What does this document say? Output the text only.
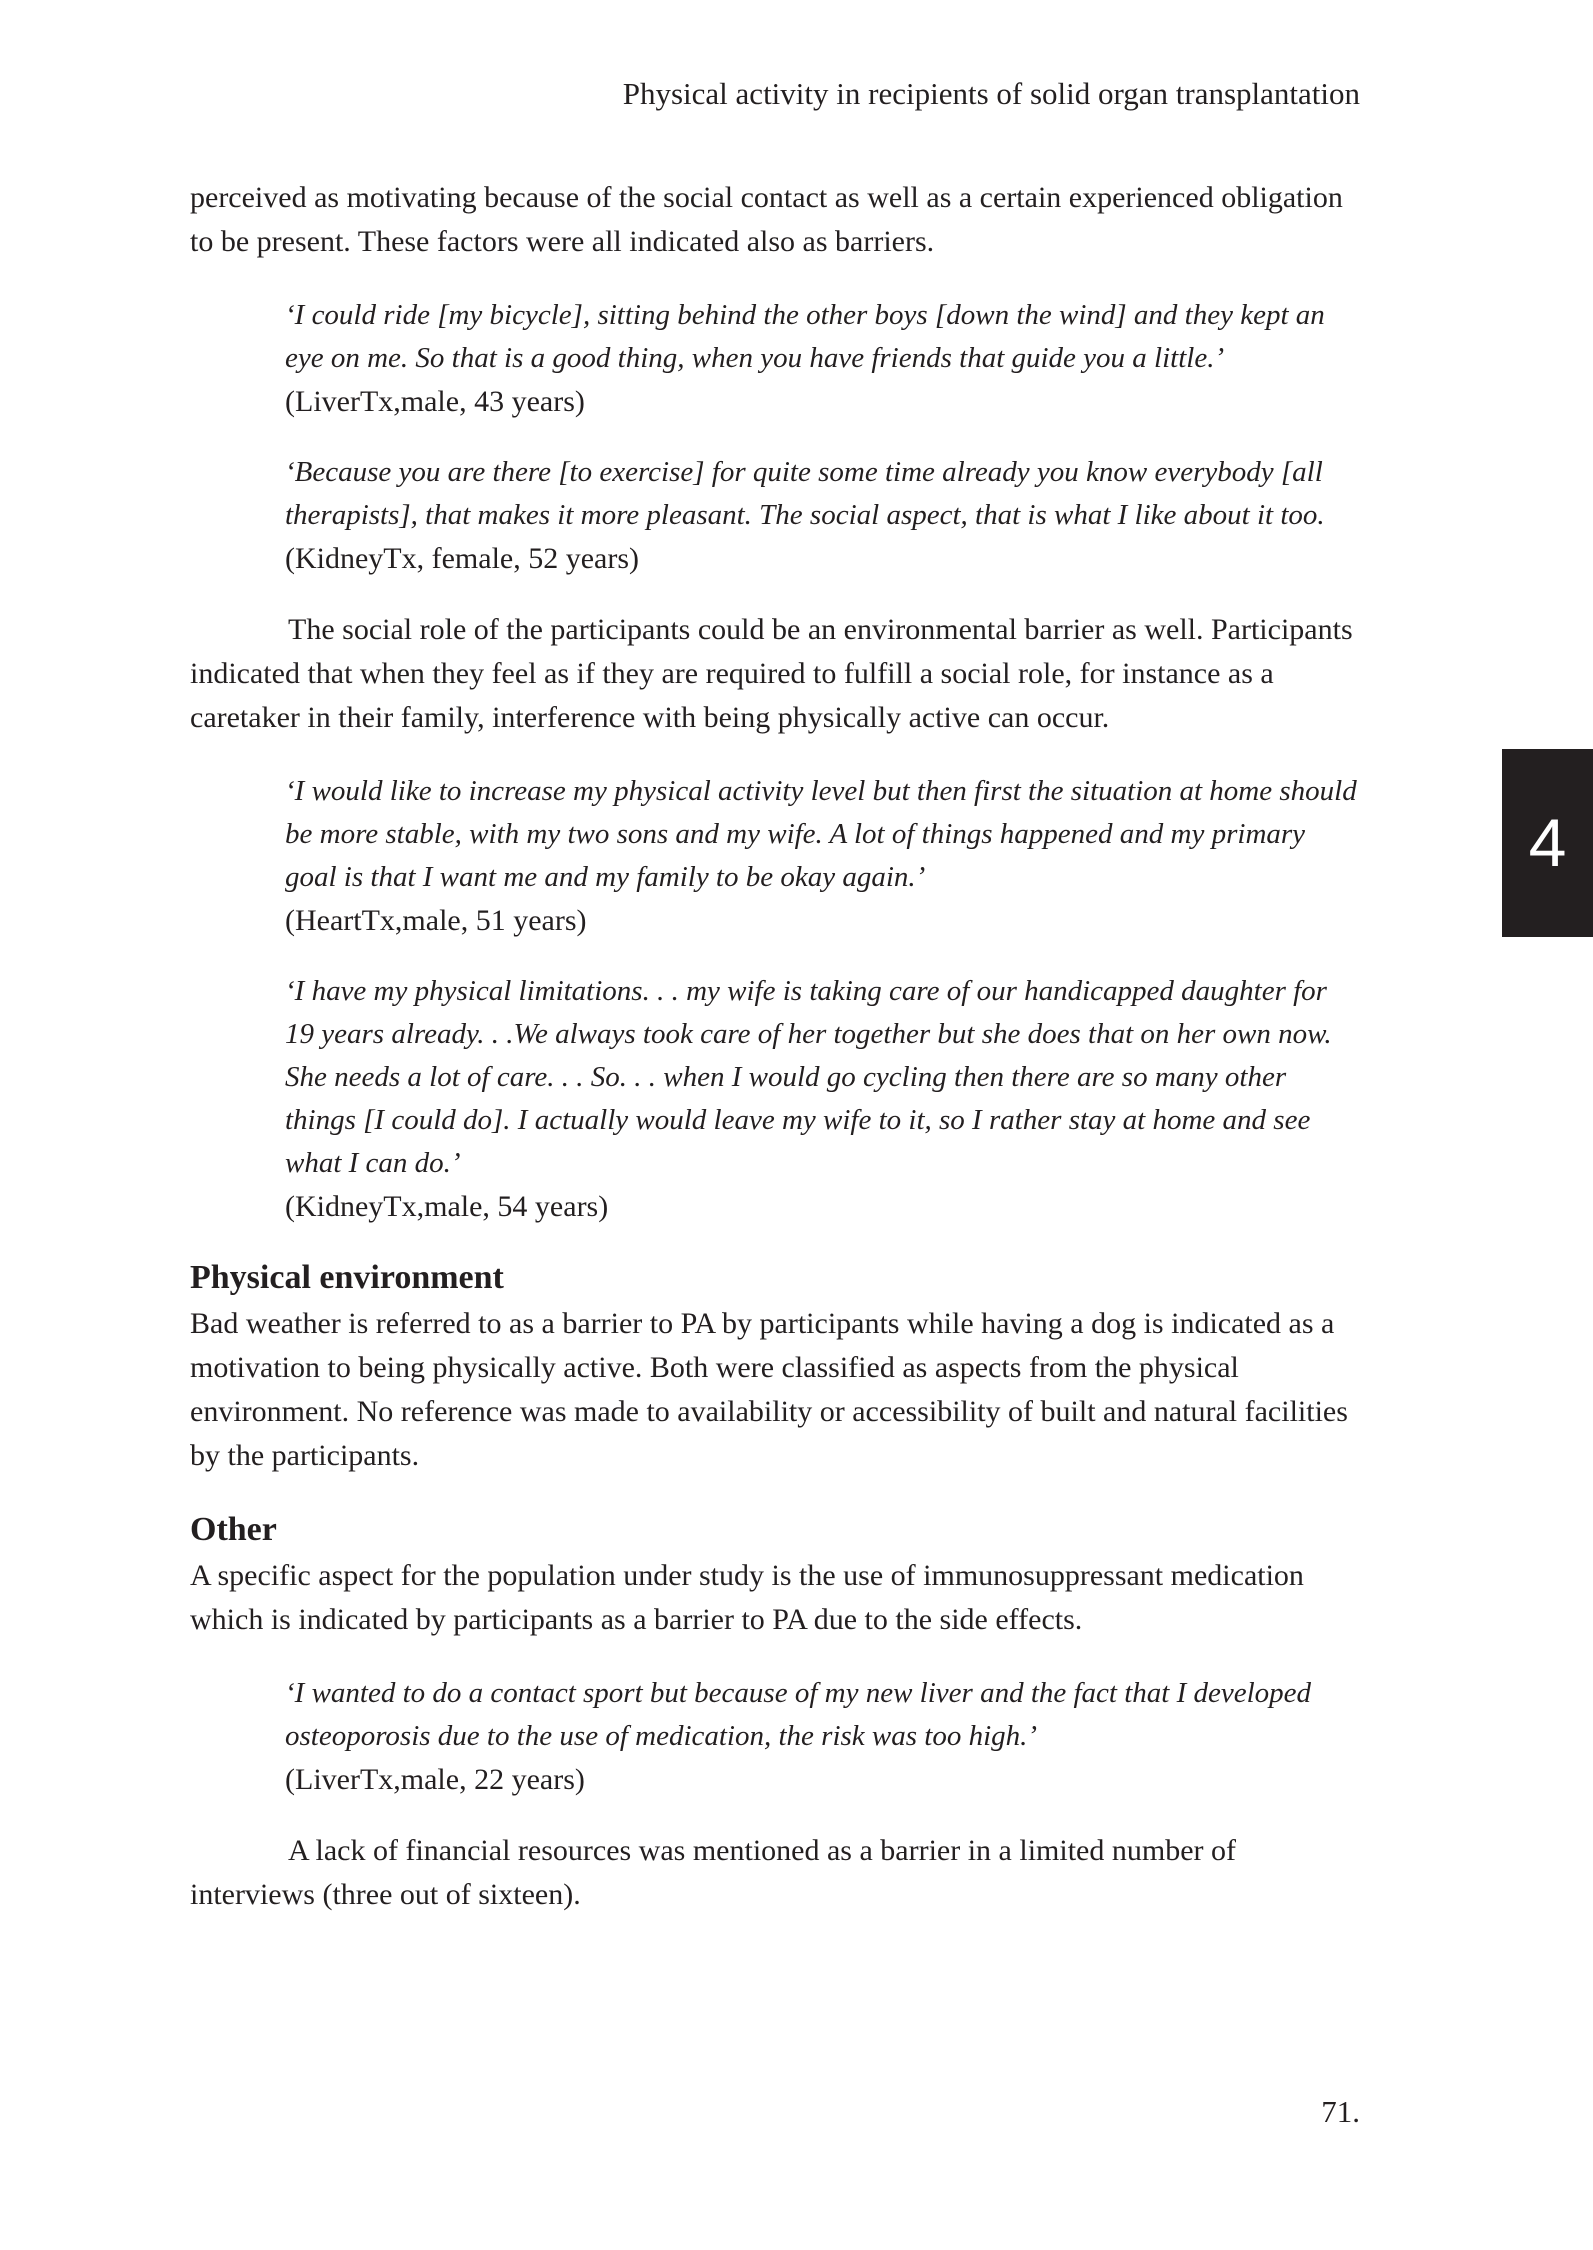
Physical activity in recipients of solid organ transplantation

perceived as motivating because of the social contact as well as a certain experienced obligation to be present. These factors were all indicated also as barriers.

‘I could ride [my bicycle], sitting behind the other boys [down the wind] and they kept an eye on me. So that is a good thing, when you have friends that guide you a little.’
(LiverTx,male, 43 years)
‘Because you are there [to exercise] for quite some time already you know everybody [all therapists], that makes it more pleasant. The social aspect, that is what I like about it too.
(KidneyTx, female, 52 years)

The social role of the participants could be an environmental barrier as well. Participants indicated that when they feel as if they are required to fulfill a social role, for instance as a caretaker in their family, interference with being physically active can occur.

‘I would like to increase my physical activity level but then first the situation at home should be more stable, with my two sons and my wife. A lot of things happened and my primary goal is that I want me and my family to be okay again.’
(HeartTx,male, 51 years)
‘I have my physical limitations. . . my wife is taking care of our handicapped daughter for 19 years already. . .We always took care of her together but she does that on her own now. She needs a lot of care. . . So. . . when I would go cycling then there are so many other things [I could do]. I actually would leave my wife to it, so I rather stay at home and see what I can do.’
(KidneyTx,male, 54 years)
Physical environment

Bad weather is referred to as a barrier to PA by participants while having a dog is indicated as a motivation to being physically active. Both were classified as aspects from the physical environment. No reference was made to availability or accessibility of built and natural facilities by the participants.

Other

A specific aspect for the population under study is the use of immunosuppressant medication which is indicated by participants as a barrier to PA due to the side effects.

‘I wanted to do a contact sport but because of my new liver and the fact that I developed osteoporosis due to the use of medication, the risk was too high.’
(LiverTx,male, 22 years)

A lack of financial resources was mentioned as a barrier in a limited number of interviews (three out of sixteen).

71.
4
